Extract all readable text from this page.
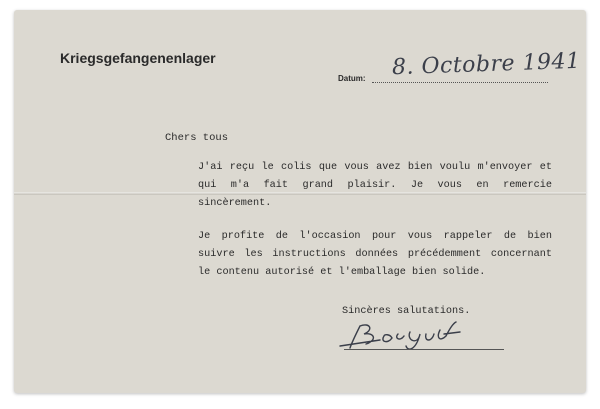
Kriegsgefangenenlager
Datum: 8. Octobre 1941
Chers tous
J'ai reçu le colis que vous avez bien voulu m'envoyer et qui m'a fait grand plaisir. Je vous en remercie sincèrement.
Je profite de l'occasion pour vous rappeler de bien suivre les instructions données précédemment concernant le contenu autorisé et l'emballage bien solide.
Sincères salutations.
